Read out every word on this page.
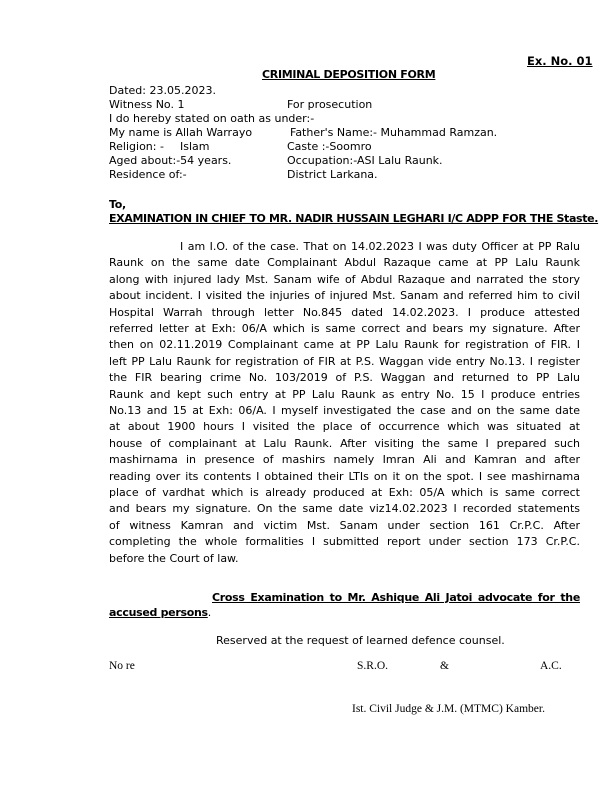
Ex. No. 01
CRIMINAL DEPOSITION FORM
Dated: 23.05.2023.
Witness No. 1	For prosecution
I do hereby stated on oath as under:-
My name is Allah Warrayo	Father's Name:- Muhammad Ramzan.
Religion: - Islam	Caste :-Soomro
Aged about:-54 years.	Occupation:-ASI Lalu Raunk.
Residence of:-	District Larkana.
To,
EXAMINATION IN CHIEF TO MR. NADIR HUSSAIN LEGHARI I/C ADPP FOR THE Staste.
I am I.O. of the case. That on 14.02.2023 I was duty Officer at PP Ralu
Raunk on the same date Complainant Abdul Razaque came at PP Lalu Raunk
along with injured lady Mst. Sanam wife of Abdul Razaque and narrated the story
about incident. I visited the injuries of injured Mst. Sanam and referred him to civil
Hospital Warrah through letter No.845 dated 14.02.2023. I produce attested
referred letter at Exh: 06/A which is same correct and bears my signature. After
then on 02.11.2019 Complainant came at PP Lalu Raunk for registration of FIR. I
left PP Lalu Raunk for registration of FIR at P.S. Waggan vide entry No.13. I register
the FIR bearing crime No. 103/2019 of P.S. Waggan and returned to PP Lalu
Raunk and kept such entry at PP Lalu Raunk as entry No. 15 I produce entries
No.13 and 15 at Exh: 06/A. I myself investigated the case and on the same date
at about 1900 hours I visited the place of occurrence which was situated at
house of complainant at Lalu Raunk. After visiting the same I prepared such
mashirnama in presence of mashirs namely Imran Ali and Kamran and after
reading over its contents I obtained their LTIs on it on the spot. I see mashirnama
place of vardhat which is already produced at Exh: 05/A which is same correct
and bears my signature. On the same date viz14.02.2023 I recorded statements
of witness Kamran and victim Mst. Sanam under section 161 Cr.P.C. After
completing the whole formalities I submitted report under section 173 Cr.P.C.
before the Court of law.
Cross Examination to Mr. Ashique Ali Jatoi advocate for the
accused persons.
Reserved at the request of learned defence counsel.
No re	S.R.O.	&	A.C.
Ist. Civil Judge & J.M. (MTMC) Kamber.
